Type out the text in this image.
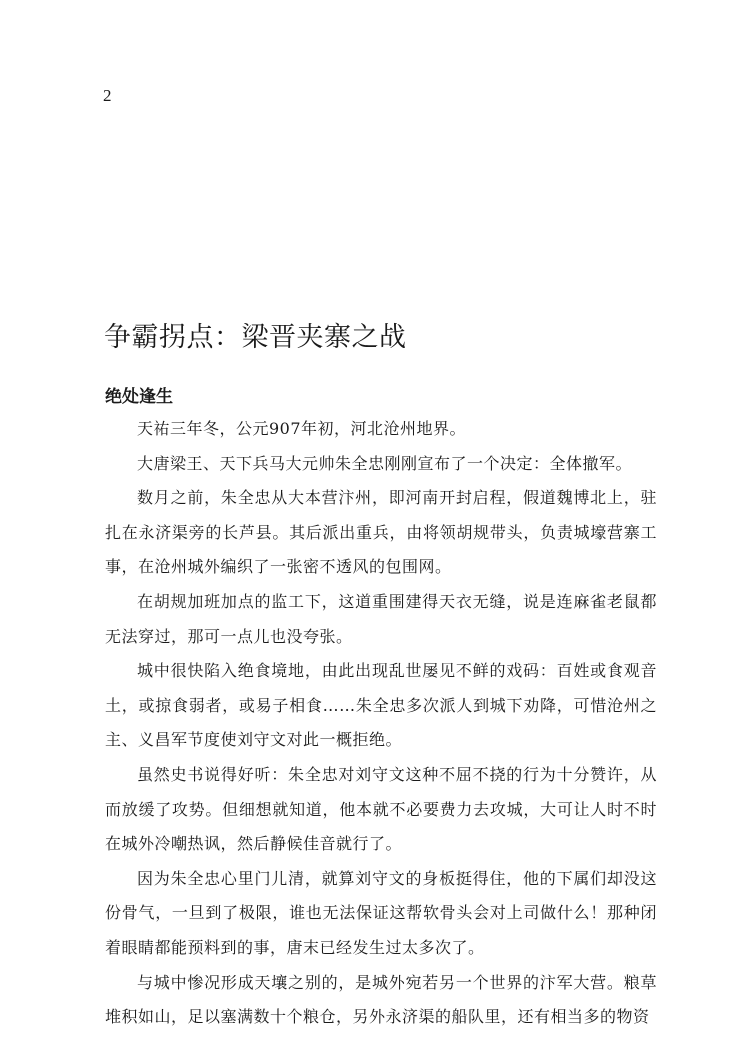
2
争霸拐点：梁晋夹寨之战
绝处逢生

天祐三年冬，公元907年初，河北沧州地界。

大唐梁王、天下兵马大元帅朱全忠刚刚宣布了一个决定：全体撤军。

数月之前，朱全忠从大本营汴州，即河南开封启程，假道魏博北上，驻扎在永济渠旁的长芦县。其后派出重兵，由将领胡规带头，负责城壕营寨工事，在沧州城外编织了一张密不透风的包围网。

在胡规加班加点的监工下，这道重围建得天衣无缝，说是连麻雀老鼠都无法穿过，那可一点儿也没夸张。

城中很快陷入绝食境地，由此出现乱世屡见不鲜的戏码：百姓或食观音土，或掠食弱者，或易子相食……朱全忠多次派人到城下劝降，可惜沧州之主、义昌军节度使刘守文对此一概拒绝。

虽然史书说得好听：朱全忠对刘守文这种不屈不挠的行为十分赞许，从而放缓了攻势。但细想就知道，他本就不必要费力去攻城，大可让人时不时在城外冷嘲热讽，然后静候佳音就行了。

因为朱全忠心里门儿清，就算刘守文的身板挺得住，他的下属们却没这份骨气，一旦到了极限，谁也无法保证这帮软骨头会对上司做什么！那种闭着眼睛都能预料到的事，唐末已经发生过太多次了。

与城中惨况形成天壤之别的，是城外宛若另一个世界的汴军大营。粮草堆积如山，足以塞满数十个粮仓，另外永济渠的船队里，还有相当多的物资
